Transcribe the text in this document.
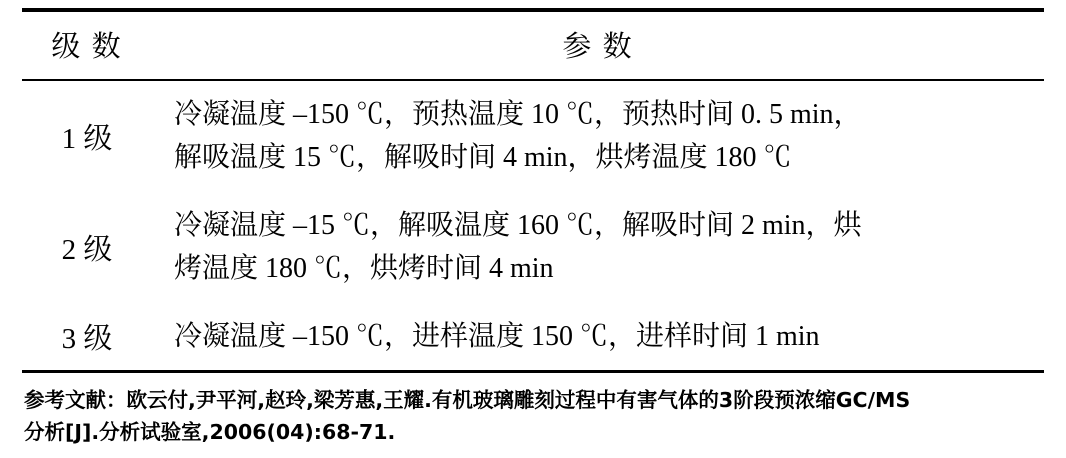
级 数	参 数
1 级	冷凝温度 –150 ℃，预热温度 10 ℃，预热时间 0. 5 min，
解吸温度 15 ℃，解吸时间 4 min，烘烤温度 180 ℃

2 级	冷凝温度 –15 ℃，解吸温度 160 ℃，解吸时间 2 min，烘
烤温度 180 ℃，烘烤时间 4 min

3 级	冷凝温度 –150 ℃，进样温度 150 ℃，进样时间 1 min
参考文献：欧云付,尹平河,赵玲,梁芳惠,王耀.有机玻璃雕刻过程中有害气体的3阶段预浓缩GC/MS
分析[J].分析试验室,2006(04):68-71.
